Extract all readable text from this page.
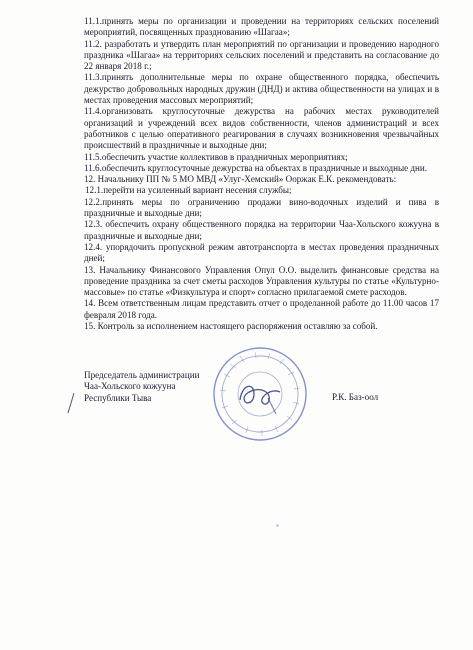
11.1.принять меры по организации и проведении на территориях сельских поселений мероприятий, посвященных празднованию «Шагаа»;

11.2. разработать и утвердить план мероприятий по организации и проведению народного праздника «Шагаа» на территориях сельских поселений и представить на согласование до 22 января 2018 г.;

11.3.принять дополнительные меры по охране общественного порядка, обеспечить дежурство добровольных народных дружин (ДНД) и актива общественности на улицах и в местах проведения массовых мероприятий;

11.4.организовать круглосуточные дежурства на рабочих местах руководителей организаций и учреждений всех видов собственности, членов администраций и всех работников с целью оперативного реагирования в случаях возникновения чрезвычайных происшествий в праздничные и выходные дни;

11.5.обеспечить участие коллективов в праздничных мероприятиях;

11.6.обеспечить круглосуточные дежурства на объектах в праздничные и выходные дни.

12. Начальнику ПП № 5 МО МВД «Улуг-Хемский» Ооржак Е.К. рекомендовать:

12.1.перейти на усиленный вариант несения службы;

12.2.принять меры по ограничению продажи вино-водочных изделий и пива в праздничные и выходные дни;

12.3. обеспечить охрану общественного порядка на территории Чаа-Хольского кожууна в праздничные и выходные дни;

12.4. упорядочить пропускной режим автотранспорта в местах проведения праздничных дней;

13. Начальнику Финансового Управления Опул О.О. выделить финансовые средства на проведение праздника за счет сметы расходов Управления культуры по статье «Культурно-массовые» по статье «Физкультура и спорт» согласно прилагаемой смете расходов.

14. Всем ответственным лицам представить отчет о проделанной работе до 11.00 часов 17 февраля 2018 года.

15. Контроль за исполнением настоящего распоряжения оставляю за собой.

Председатель администрации
Чаа-Хольского кожууна
Республики Тыва	Р.К. Баз-оол
